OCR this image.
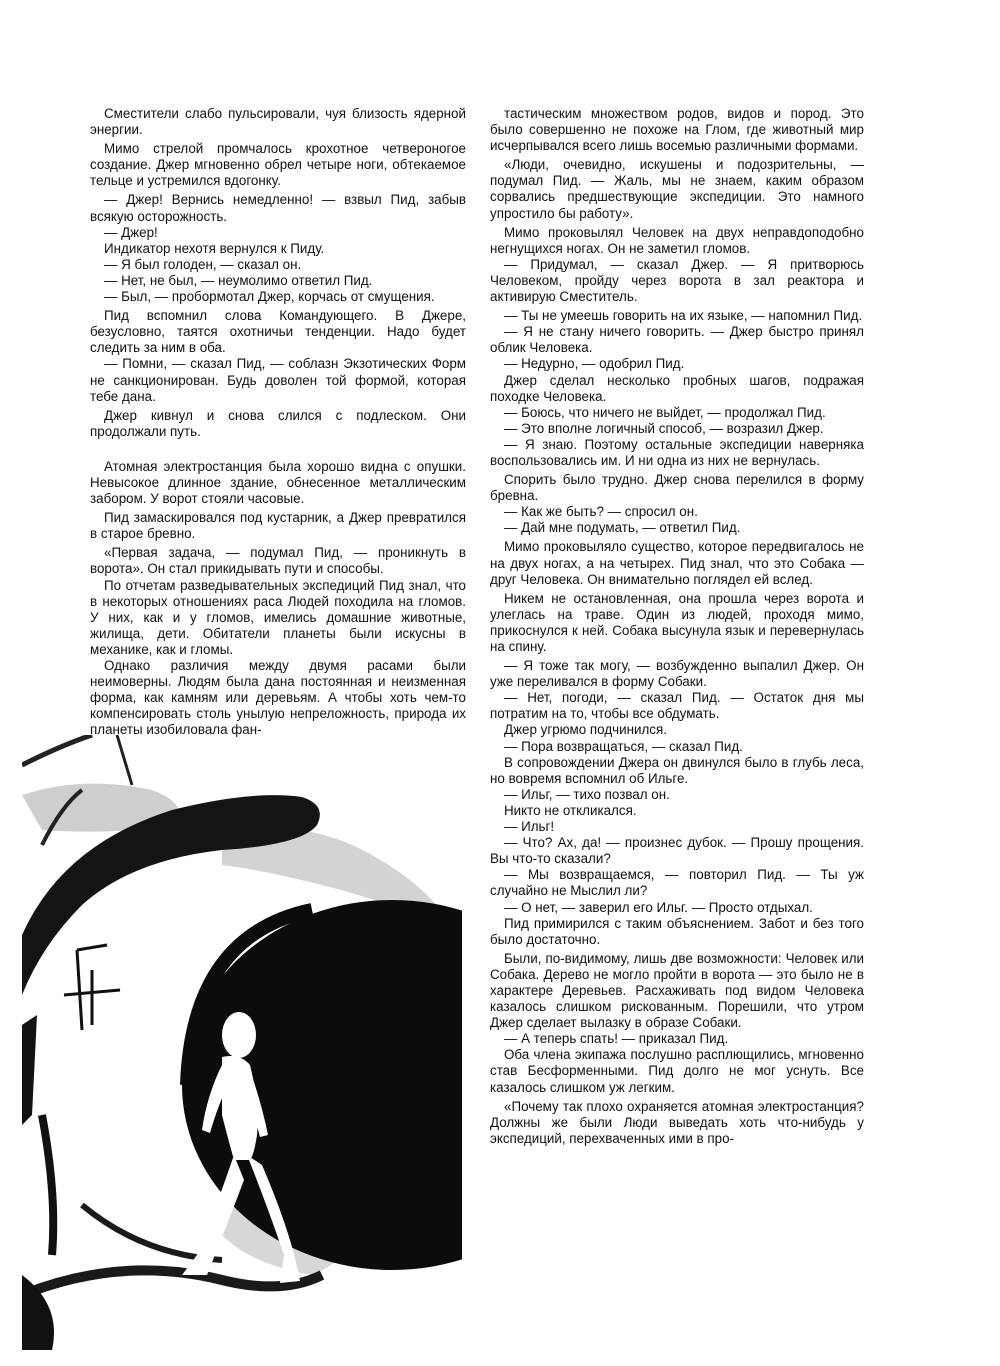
Сместители слабо пульсировали, чуя близость ядерной энергии.

Мимо стрелой промчалось крохотное четвероногое создание. Джер мгновенно обрел четыре ноги, обтекаемое тельце и устремился вдогонку.

— Джер! Вернись немедленно! — взвыл Пид, забыв всякую осторожность.

— Джер!

Индикатор нехотя вернулся к Пиду.

— Я был голоден, — сказал он.

— Нет, не был, — неумолимо ответил Пид.

— Был, — пробормотал Джер, корчась от смущения.

Пид вспомнил слова Командующего. В Джере, безусловно, таятся охотничьи тенденции. Надо будет следить за ним в оба.

— Помни, — сказал Пид, — соблазн Экзотических Форм не санкционирован. Будь доволен той формой, которая тебе дана.

Джер кивнул и снова слился с подлеском. Они продолжали путь.

Атомная электростанция была хорошо видна с опушки. Невысокое длинное здание, обнесенное металлическим забором. У ворот стояли часовые.

Пид замаскировался под кустарник, а Джер превратился в старое бревно.

«Первая задача, — подумал Пид, — проникнуть в ворота». Он стал прикидывать пути и способы.

По отчетам разведывательных экспедиций Пид знал, что в некоторых отношениях раса Людей походила на гломов. У них, как и у гломов, имелись домашние животные, жилища, дети. Обитатели планеты были искусны в механике, как и гломы.

Однако различия между двумя расами были неимоверны. Людям была дана постоянная и неизменная форма, как камням или деревьям. А чтобы хоть чем-то компенсировать столь унылую непреложность, природа их планеты изобиловала фан-

тастическим множеством родов, видов и пород. Это было совершенно не похоже на Глом, где животный мир исчерпывался всего лишь восемью различными формами.

«Люди, очевидно, искушены и подозрительны, — подумал Пид. — Жаль, мы не знаем, каким образом сорвались предшествующие экспедиции. Это намного упростило бы работу».

Мимо проковылял Человек на двух неправдоподобно негнущихся ногах. Он не заметил гломов.

— Придумал, — сказал Джер. — Я притворюсь Человеком, пройду через ворота в зал реактора и активирую Сместитель.

— Ты не умеешь говорить на их языке, — напомнил Пид.

— Я не стану ничего говорить. — Джер быстро принял облик Человека.

— Недурно, — одобрил Пид.

Джер сделал несколько пробных шагов, подражая походке Человека.

— Боюсь, что ничего не выйдет, — продолжал Пид.

— Это вполне логичный способ, — возразил Джер.

— Я знаю. Поэтому остальные экспедиции наверняка воспользовались им. И ни одна из них не вернулась.

Спорить было трудно. Джер снова перелился в форму бревна.

— Как же быть? — спросил он.

— Дай мне подумать, — ответил Пид.

Мимо проковыляло существо, которое передвигалось не на двух ногах, а на четырех. Пид знал, что это Собака — друг Человека. Он внимательно поглядел ей вслед.

Никем не остановленная, она прошла через ворота и улеглась на траве. Один из людей, проходя мимо, прикоснулся к ней. Собака высунула язык и перевернулась на спину.

— Я тоже так могу, — возбужденно выпалил Джер. Он уже переливался в форму Собаки.

— Нет, погоди, — сказал Пид. — Остаток дня мы потратим на то, чтобы все обдумать.

Джер угрюмо подчинился.

— Пора возвращаться, — сказал Пид.

В сопровождении Джера он двинулся было в глубь леса, но вовремя вспомнил об Ильге.

— Ильг, — тихо позвал он.

Никто не откликался.

— Ильг!

— Что? Ах, да! — произнес дубок. — Прошу прощения. Вы что-то сказали?

— Мы возвращаемся, — повторил Пид. — Ты уж случайно не Мыслил ли?

— О нет, — заверил его Ильг. — Просто отдыхал.

Пид примирился с таким объяснением. Забот и без того было достаточно.

Были, по-видимому, лишь две возможности: Человек или Собака. Дерево не могло пройти в ворота — это было не в характере Деревьев. Расхаживать под видом Человека казалось слишком рискованным. Порешили, что утром Джер сделает вылазку в образе Собаки.

— А теперь спать! — приказал Пид.

Оба члена экипажа послушно расплющились, мгновенно став Бесформенными. Пид долго не мог уснуть. Все казалось слишком уж легким.

«Почему так плохо охраняется атомная электростанция? Должны же были Люди выведать хоть что-нибудь у экспедиций, перехваченных ими в про-
